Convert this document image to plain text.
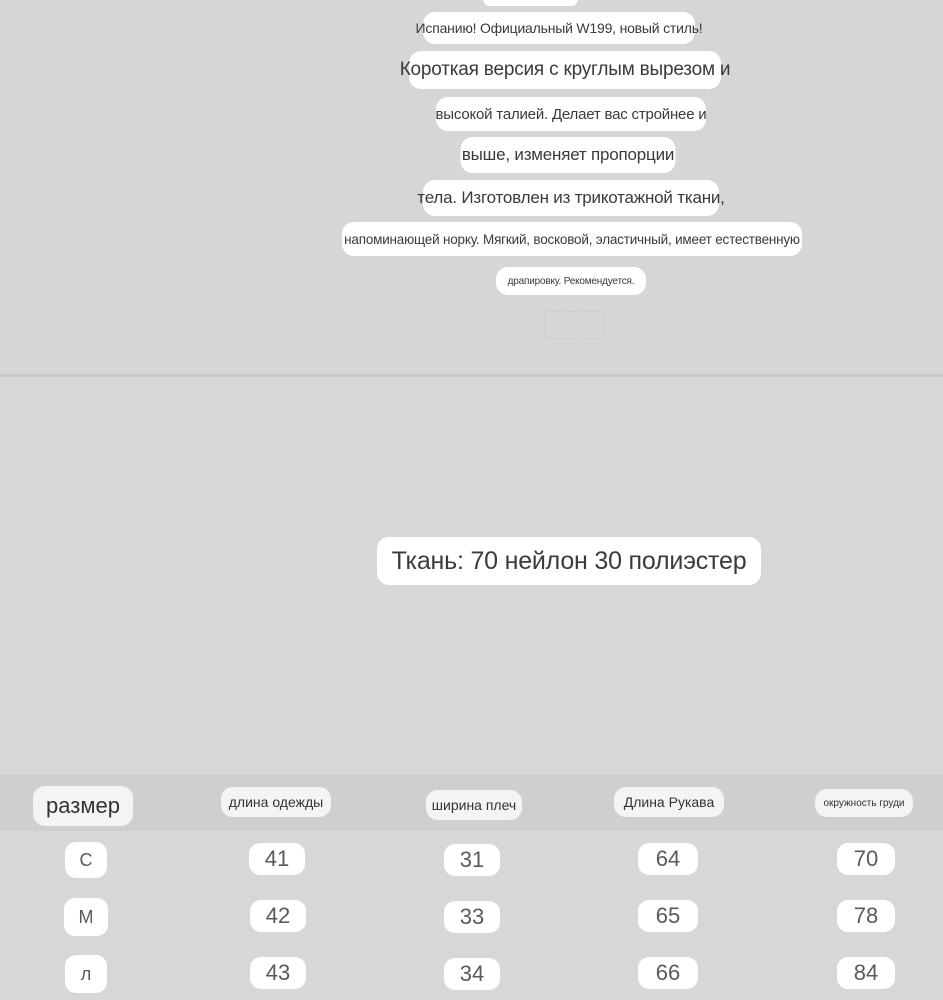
Испанию! Официальный W199, новый стиль!
Короткая версия с круглым вырезом и
высокой талией. Делает вас стройнее и
выше, изменяет пропорции
тела. Изготовлен из трикотажной ткани,
напоминающей норку. Мягкий, восковой, эластичный, имеет естественную
драпировку. Рекомендуется.
Ткань: 70 нейлон 30 полиэстер
размер	длина одежды	ширина плеч	Длина Рукава	окружность груди
С	41	31	64	70
М	42	33	65	78
л	43	34	66	84
